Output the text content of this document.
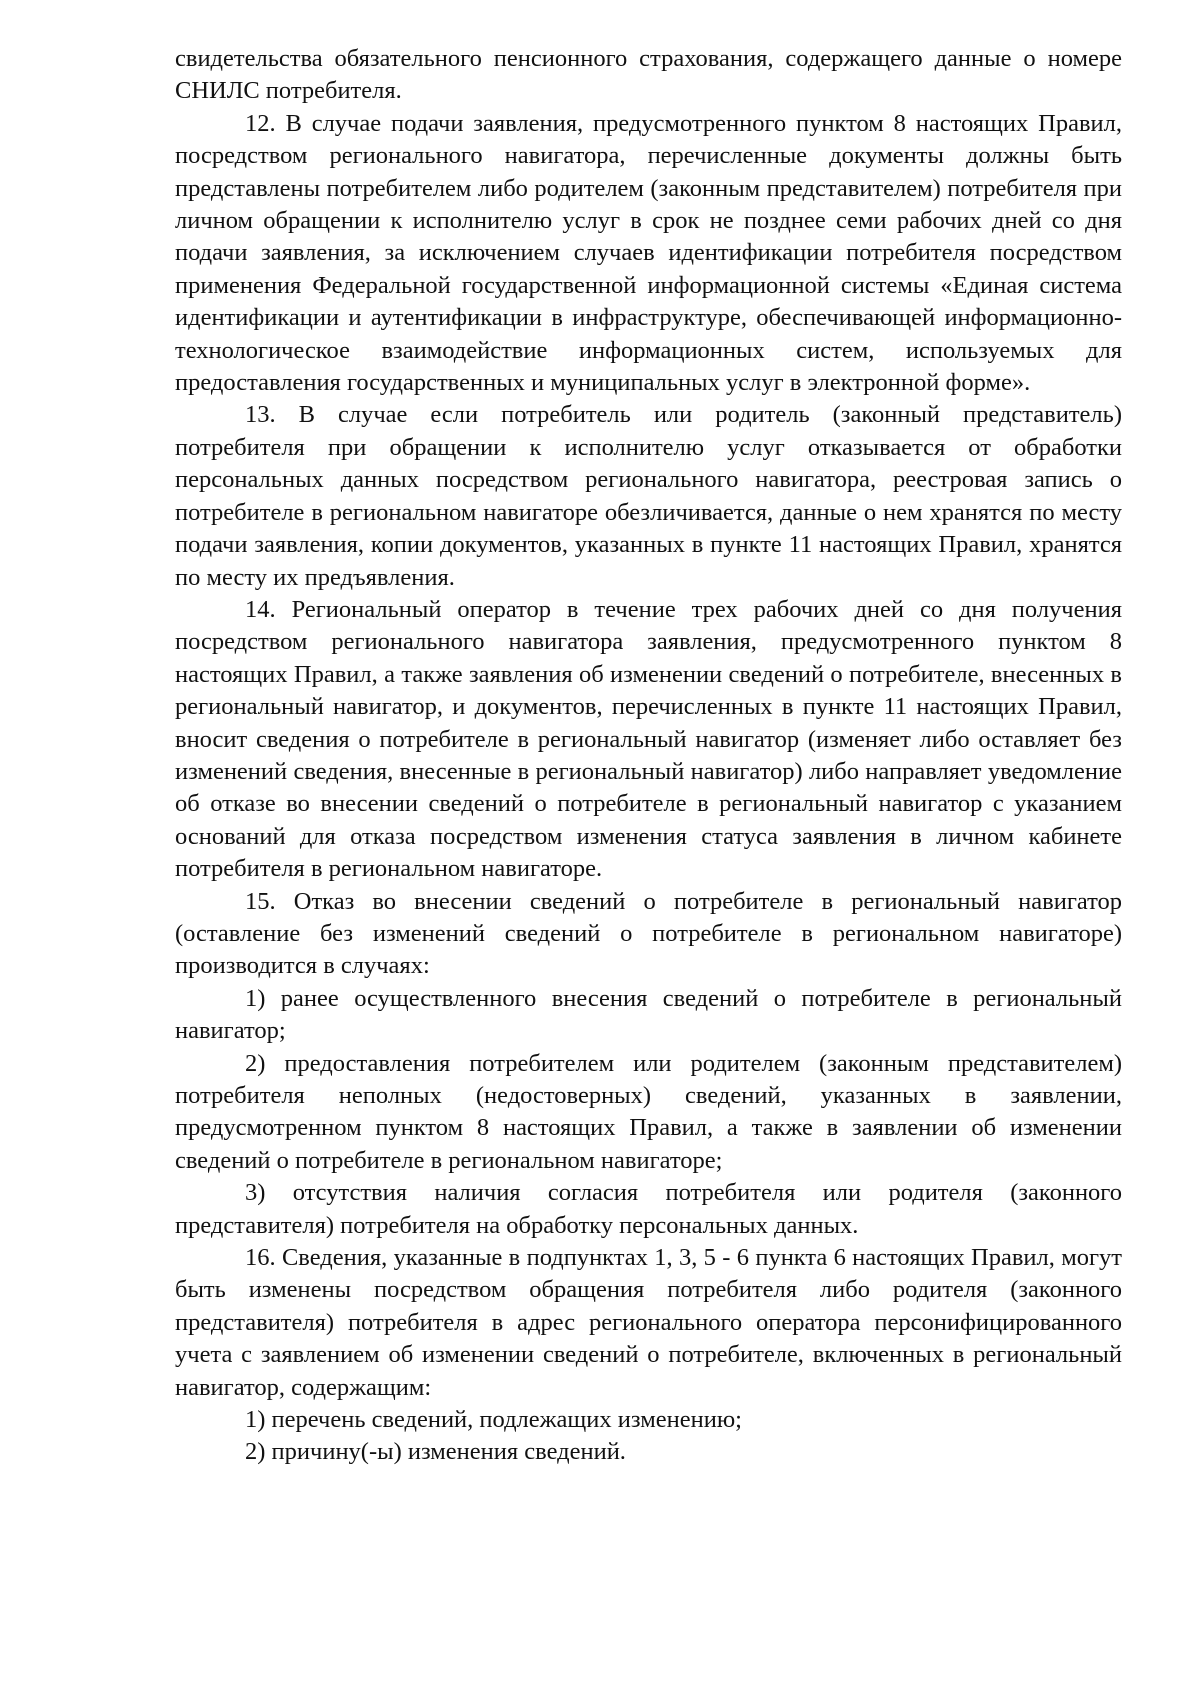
свидетельства обязательного пенсионного страхования, содержащего данные о номере СНИЛС потребителя.

12. В случае подачи заявления, предусмотренного пунктом 8 настоящих Правил, посредством регионального навигатора, перечисленные документы должны быть представлены потребителем либо родителем (законным представителем) потребителя при личном обращении к исполнителю услуг в срок не позднее семи рабочих дней со дня подачи заявления, за исключением случаев идентификации потребителя посредством применения Федеральной государственной информационной системы «Единая система идентификации и аутентификации в инфраструктуре, обеспечивающей информационно-технологическое взаимодействие информационных систем, используемых для предоставления государственных и муниципальных услуг в электронной форме».

13. В случае если потребитель или родитель (законный представитель) потребителя при обращении к исполнителю услуг отказывается от обработки персональных данных посредством регионального навигатора, реестровая запись о потребителе в региональном навигаторе обезличивается, данные о нем хранятся по месту подачи заявления, копии документов, указанных в пункте 11 настоящих Правил, хранятся по месту их предъявления.

14. Региональный оператор в течение трех рабочих дней со дня получения посредством регионального навигатора заявления, предусмотренного пунктом 8 настоящих Правил, а также заявления об изменении сведений о потребителе, внесенных в региональный навигатор, и документов, перечисленных в пункте 11 настоящих Правил, вносит сведения о потребителе в региональный навигатор (изменяет либо оставляет без изменений сведения, внесенные в региональный навигатор) либо направляет уведомление об отказе во внесении сведений о потребителе в региональный навигатор с указанием оснований для отказа посредством изменения статуса заявления в личном кабинете потребителя в региональном навигаторе.

15. Отказ во внесении сведений о потребителе в региональный навигатор (оставление без изменений сведений о потребителе в региональном навигаторе) производится в случаях:

1) ранее осуществленного внесения сведений о потребителе в региональный навигатор;

2) предоставления потребителем или родителем (законным представителем) потребителя неполных (недостоверных) сведений, указанных в заявлении, предусмотренном пунктом 8 настоящих Правил, а также в заявлении об изменении сведений о потребителе в региональном навигаторе;

3) отсутствия наличия согласия потребителя или родителя (законного представителя) потребителя на обработку персональных данных.

16. Сведения, указанные в подпунктах 1, 3, 5 - 6 пункта 6 настоящих Правил, могут быть изменены посредством обращения потребителя либо родителя (законного представителя) потребителя в адрес регионального оператора персонифицированного учета с заявлением об изменении сведений о потребителе, включенных в региональный навигатор, содержащим:

1) перечень сведений, подлежащих изменению;

2) причину(-ы) изменения сведений.
